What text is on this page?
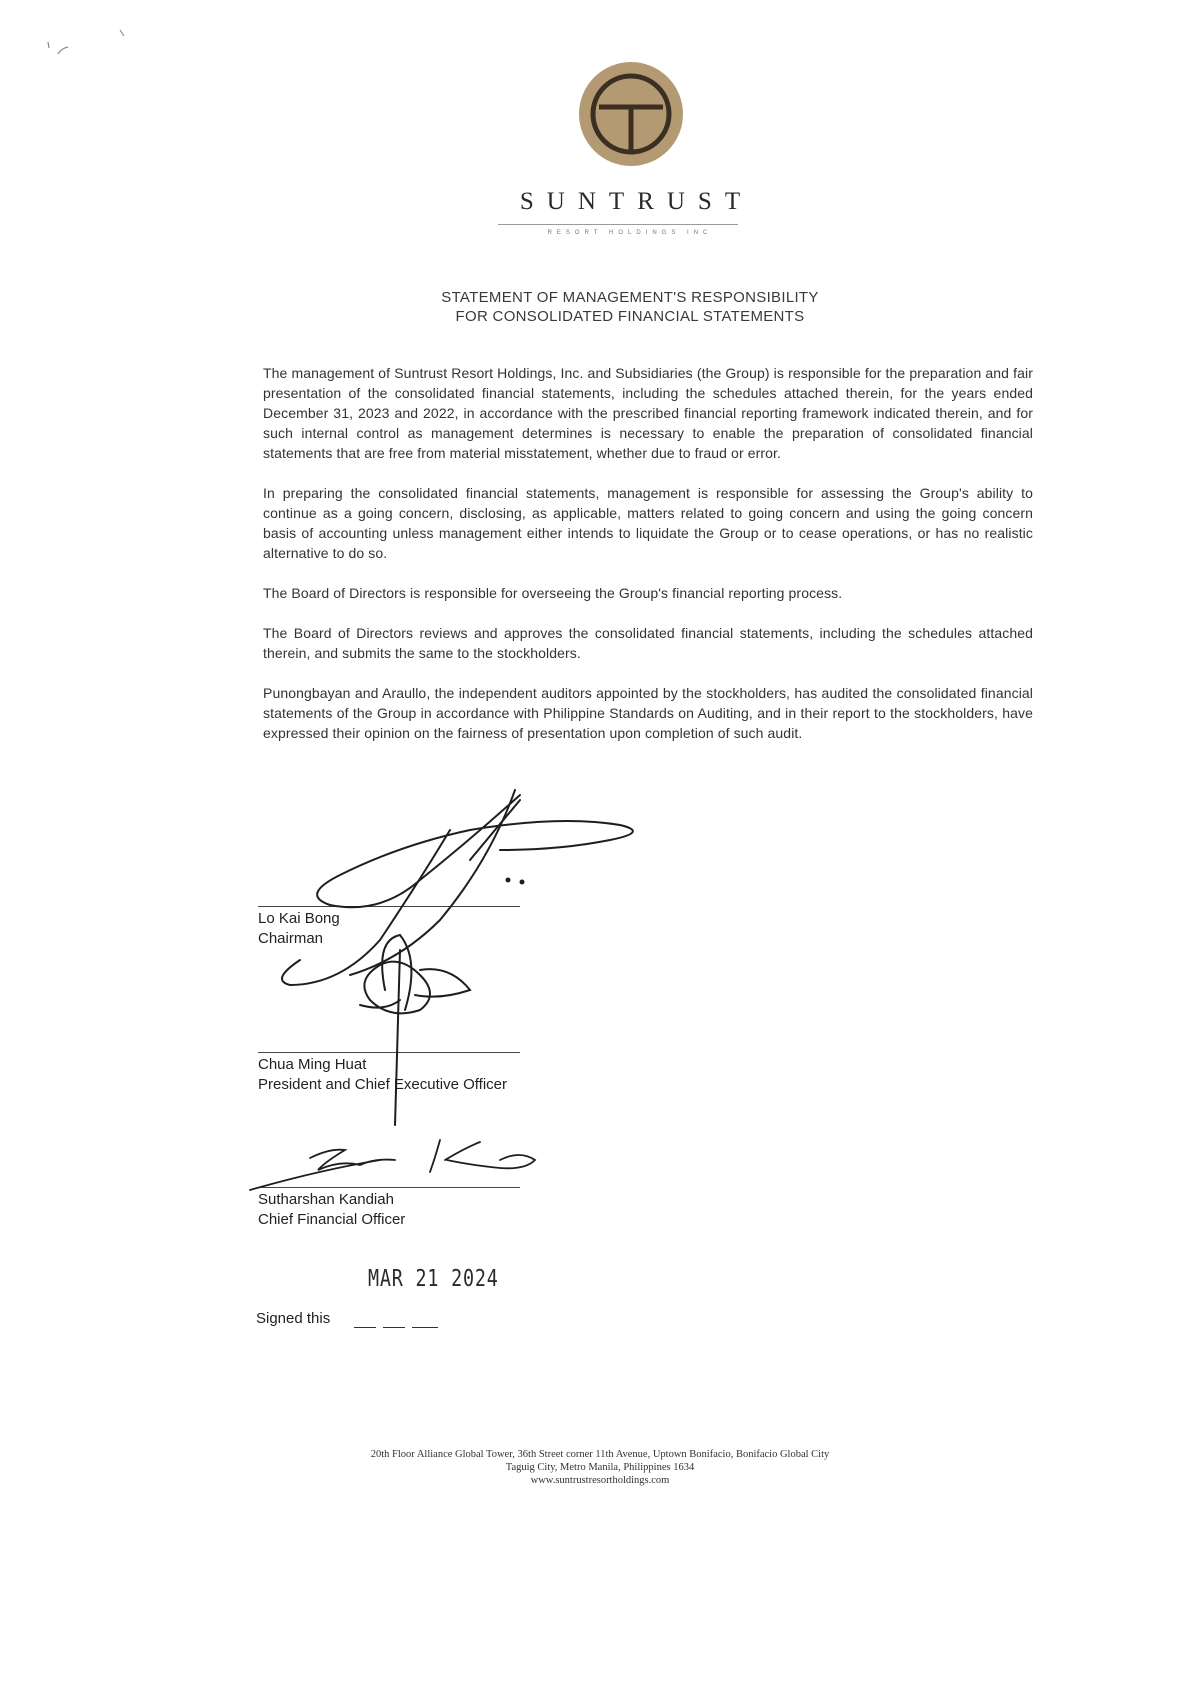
SUNTRUST
RESORT HOLDINGS INC
STATEMENT OF MANAGEMENT'S RESPONSIBILITY
FOR CONSOLIDATED FINANCIAL STATEMENTS

The management of Suntrust Resort Holdings, Inc. and Subsidiaries (the Group) is responsible for the preparation and fair presentation of the consolidated financial statements, including the schedules attached therein, for the years ended December 31, 2023 and 2022, in accordance with the prescribed financial reporting framework indicated therein, and for such internal control as management determines is necessary to enable the preparation of consolidated financial statements that are free from material misstatement, whether due to fraud or error.

In preparing the consolidated financial statements, management is responsible for assessing the Group's ability to continue as a going concern, disclosing, as applicable, matters related to going concern and using the going concern basis of accounting unless management either intends to liquidate the Group or to cease operations, or has no realistic alternative to do so.

The Board of Directors is responsible for overseeing the Group's financial reporting process.

The Board of Directors reviews and approves the consolidated financial statements, including the schedules attached therein, and submits the same to the stockholders.

Punongbayan and Araullo, the independent auditors appointed by the stockholders, has audited the consolidated financial statements of the Group in accordance with Philippine Standards on Auditing, and in their report to the stockholders, have expressed their opinion on the fairness of presentation upon completion of such audit.

Lo Kai Bong
Chairman
Chua Ming Huat
President and Chief Executive Officer
Sutharshan Kandiah
Chief Financial Officer
MAR 21 2024
Signed this
20th Floor Alliance Global Tower, 36th Street corner 11th Avenue, Uptown Bonifacio, Bonifacio Global City
Taguig City, Metro Manila, Philippines 1634
www.suntrustresortholdings.com
